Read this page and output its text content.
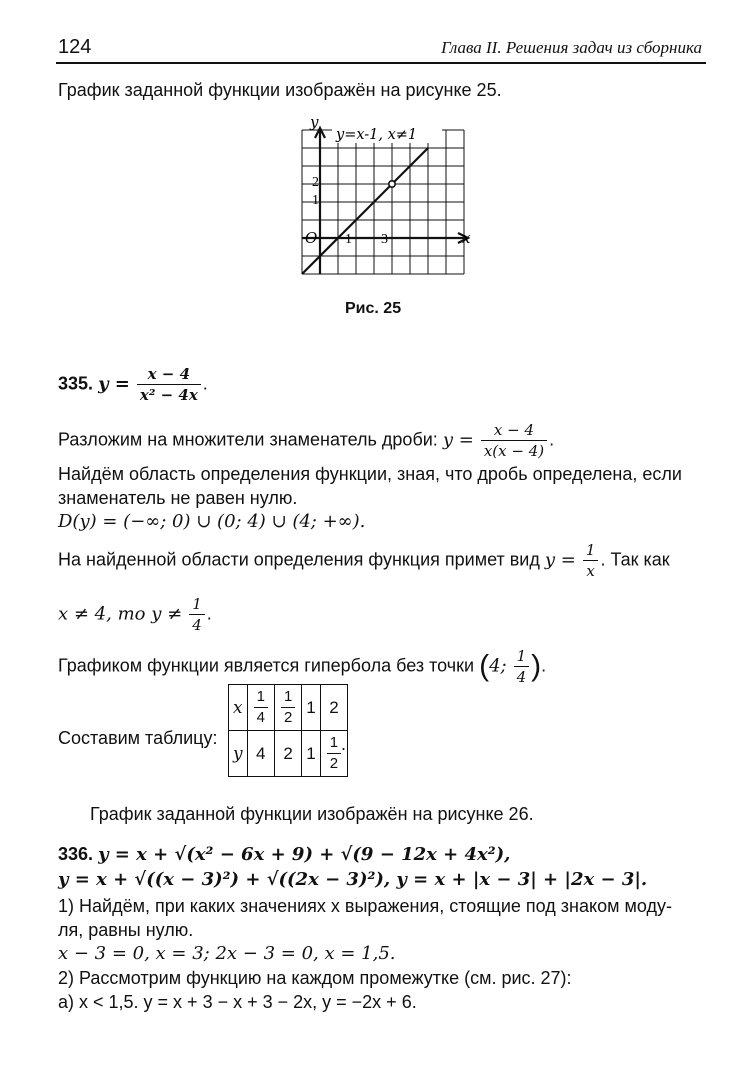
124	Глава II. Решения задач из сборника
График заданной функции изображён на рисунке 25.
y
x
O 1 3
1
2
y=x-1, x≠1
Рис. 25
335. $y = \frac{x - 4}{\text{x² − 4x}}$ .
Разложим на множители знаменатель дроби: $y = \frac{x - 4}{x(x - 4)}$ .
Найдём область определения функции, зная, что дробь определена, если
знаменатель не равен нулю.
D(y) = (−∞; 0) ∪ (0; 4) ∪ (4; +∞).
На найденной области определения функция примет вид $y = \frac{1}{x}$ . Так как
x ≠ 4, то $y \ne \frac{1}{4}$ .
Графиком функции является гипербола без точки (4; $\frac{1}{4}$ ).
Составим таблицу:
x	$\frac{1}{4}$	$\frac{1}{2}$	1	2
y	4	2	1	$\frac{1}{2}$ .
График заданной функции изображён на рисунке 26.
336. y = x + √(x² − 6x + 9) + √(9 − 12x + 4x²),
y = x + √((x − 3)²) + √((2x − 3)²), y = x + |x − 3| + |2x − 3|.
1) Найдём, при каких значениях x выражения, стоящие под знаком моду-
ля, равны нулю.
x − 3 = 0, x = 3; 2x − 3 = 0, x = 1,5.
2) Рассмотрим функцию на каждом промежутке (см. рис. 27):
a) x < 1,5. y = x + 3 − x + 3 − 2x, y = −2x + 6.
